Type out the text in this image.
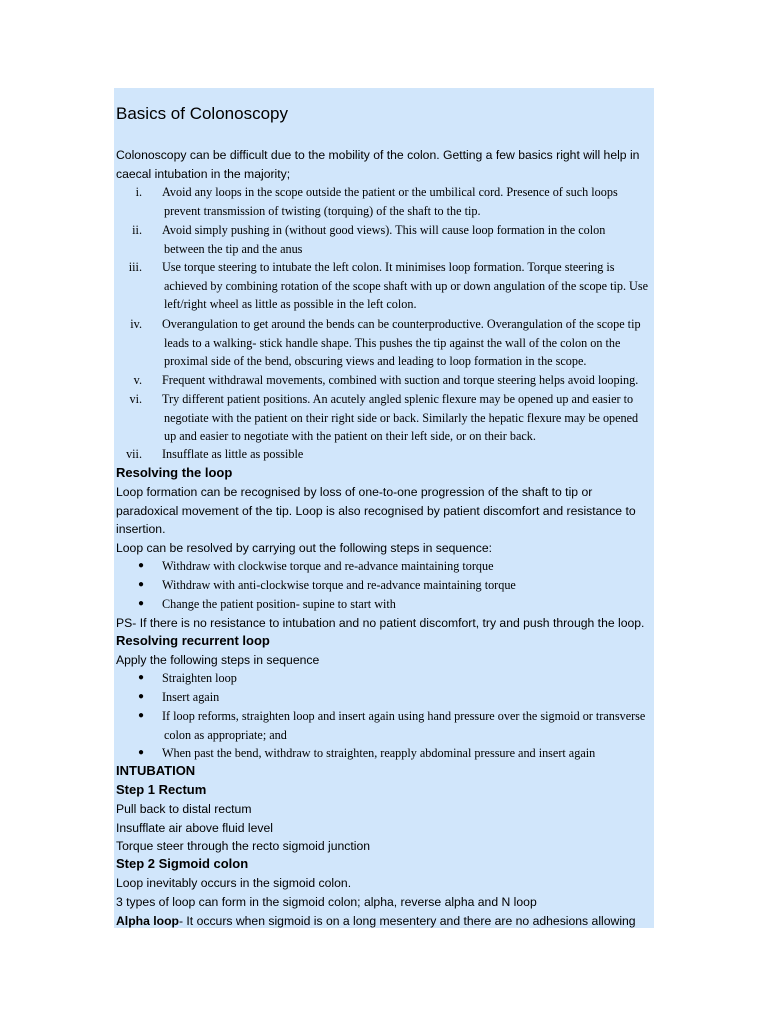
Basics of Colonoscopy
Colonoscopy can be difficult due to the mobility of the colon. Getting a few basics right will help in
caecal intubation in the majority;
i. Avoid any loops in the scope outside the patient or the umbilical cord. Presence of such loops
prevent transmission of twisting (torquing) of the shaft to the tip.
ii. Avoid simply pushing in (without good views). This will cause loop formation in the colon
between the tip and the anus
iii. Use torque steering to intubate the left colon. It minimises loop formation. Torque steering is
achieved by combining rotation of the scope shaft with up or down angulation of the scope tip. Use
left/right wheel as little as possible in the left colon.
iv. Overangulation to get around the bends can be counterproductive. Overangulation of the scope tip
leads to a walking- stick handle shape. This pushes the tip against the wall of the colon on the
proximal side of the bend, obscuring views and leading to loop formation in the scope.
v. Frequent withdrawal movements, combined with suction and torque steering helps avoid looping.
vi. Try different patient positions. An acutely angled splenic flexure may be opened up and easier to
negotiate with the patient on their right side or back. Similarly the hepatic flexure may be opened
up and easier to negotiate with the patient on their left side, or on their back.
vii. Insufflate as little as possible
Resolving the loop
Loop formation can be recognised by loss of one-to-one progression of the shaft to tip or
paradoxical movement of the tip. Loop is also recognised by patient discomfort and resistance to
insertion.
Loop can be resolved by carrying out the following steps in sequence:
● Withdraw with clockwise torque and re-advance maintaining torque
● Withdraw with anti-clockwise torque and re-advance maintaining torque
● Change the patient position- supine to start with
PS- If there is no resistance to intubation and no patient discomfort, try and push through the loop.
Resolving recurrent loop
Apply the following steps in sequence
● Straighten loop
● Insert again
● If loop reforms, straighten loop and insert again using hand pressure over the sigmoid or transverse
colon as appropriate; and
● When past the bend, withdraw to straighten, reapply abdominal pressure and insert again
INTUBATION
Step 1 Rectum
Pull back to distal rectum
Insufflate air above fluid level
Torque steer through the recto sigmoid junction
Step 2 Sigmoid colon
Loop inevitably occurs in the sigmoid colon.
3 types of loop can form in the sigmoid colon; alpha, reverse alpha and N loop
Alpha loop- It occurs when sigmoid is on a long mesentery and there are no adhesions allowing
